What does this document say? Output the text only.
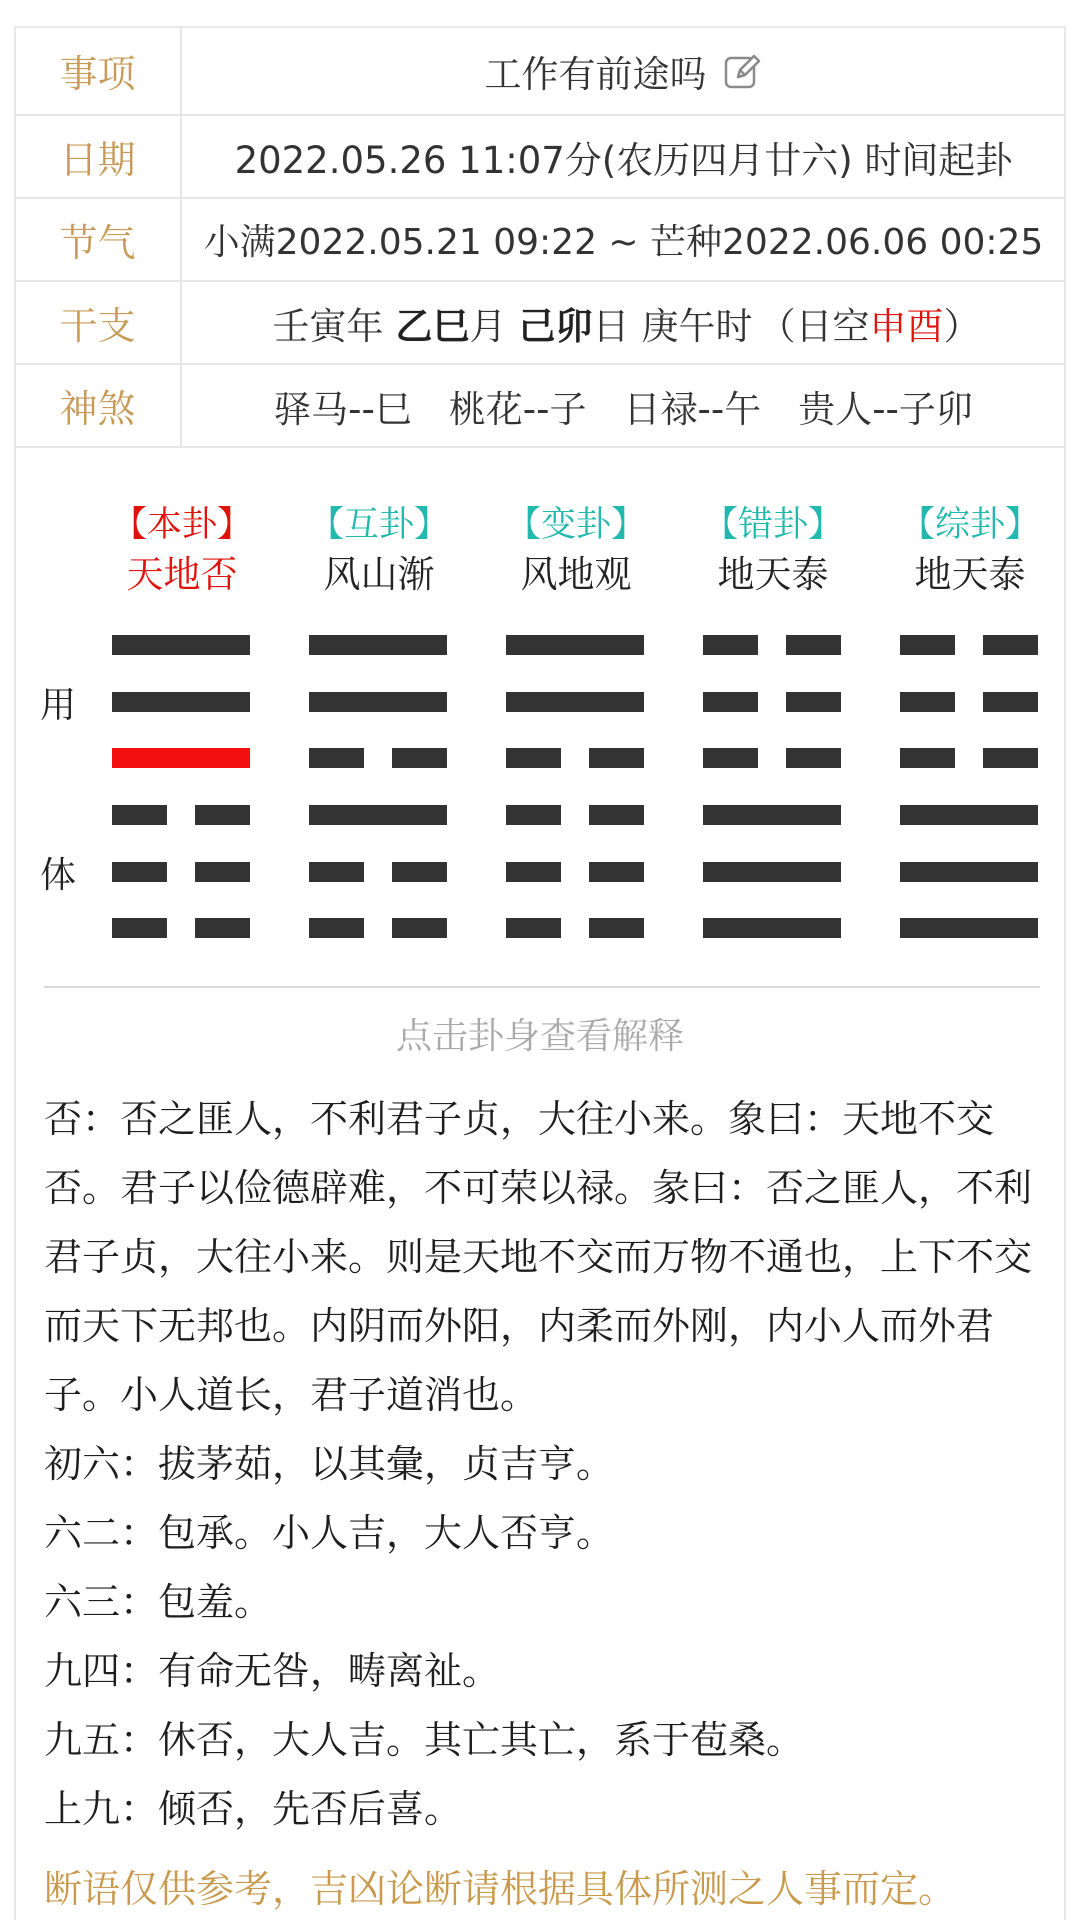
事项	工作有前途吗
日期	2022.05.26 11:07分(农历四月廿六) 时间起卦
节气	小满2022.05.21 09:22 ~ 芒种2022.06.06 00:25
干支	壬寅年 乙巳月 己卯日 庚午时 （日空申酉）
神煞	驿马--巳　桃花--子　日禄--午　贵人--子卯
用
体
【本卦】
天地否
【互卦】
风山渐
【变卦】
风地观
【错卦】
地天泰
【综卦】
地天泰
点击卦身查看解释

否：否之匪人，不利君子贞，大往小来。象曰：天地不交否。君子以俭德辟难，不可荣以禄。彖曰：否之匪人，不利君子贞，大往小来。则是天地不交而万物不通也，上下不交而天下无邦也。内阴而外阳，内柔而外刚，内小人而外君子。小人道长，君子道消也。

初六：拔茅茹，以其彙，贞吉亨。

六二：包承。小人吉，大人否亨。

六三：包羞。

九四：有命无咎，畴离祉。

九五：休否，大人吉。其亡其亡，系于苞桑。

上九：倾否，先否后喜。

断语仅供参考，吉凶论断请根据具体所测之人事而定。
